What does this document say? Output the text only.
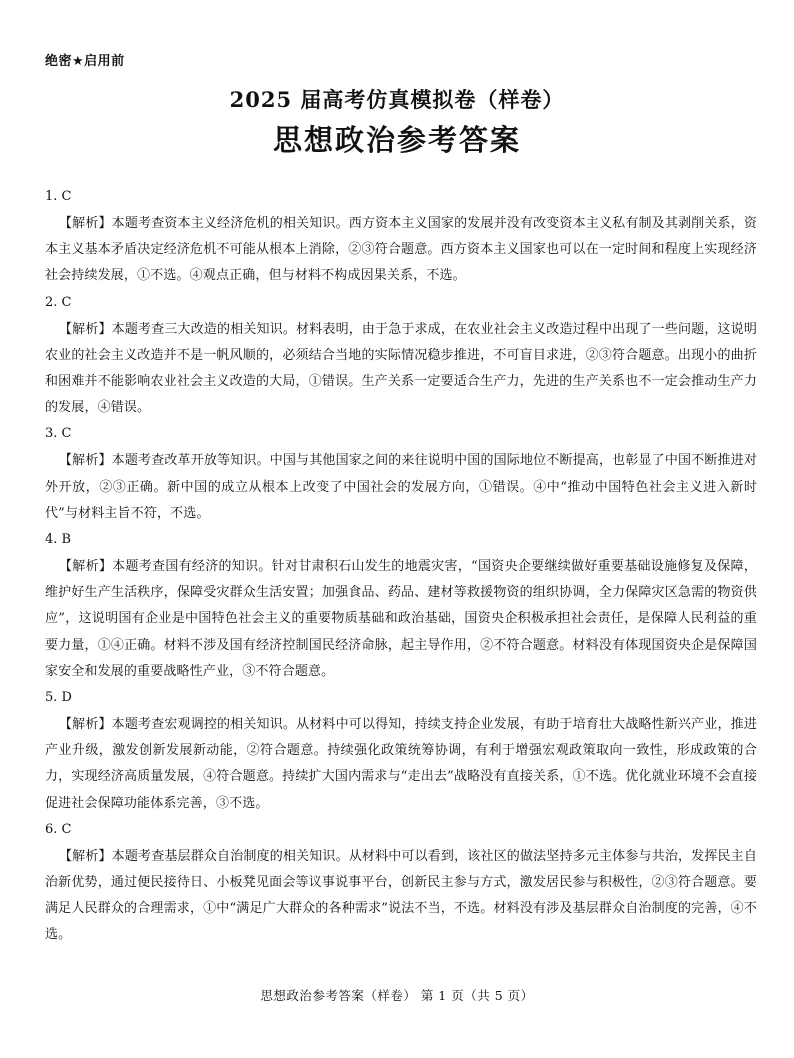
绝密★启用前
2025 届高考仿真模拟卷（样卷）
思想政治参考答案
1. C
【解析】本题考查资本主义经济危机的相关知识。西方资本主义国家的发展并没有改变资本主义私有制及其剥削关系，资本主义基本矛盾决定经济危机不可能从根本上消除，②③符合题意。西方资本主义国家也可以在一定时间和程度上实现经济社会持续发展，①不选。④观点正确，但与材料不构成因果关系，不选。
2. C
【解析】本题考查三大改造的相关知识。材料表明，由于急于求成，在农业社会主义改造过程中出现了一些问题，这说明农业的社会主义改造并不是一帆风顺的，必须结合当地的实际情况稳步推进，不可盲目求进，②③符合题意。出现小的曲折和困难并不能影响农业社会主义改造的大局，①错误。生产关系一定要适合生产力，先进的生产关系也不一定会推动生产力的发展，④错误。
3. C
【解析】本题考查改革开放等知识。中国与其他国家之间的来往说明中国的国际地位不断提高，也彰显了中国不断推进对外开放，②③正确。新中国的成立从根本上改变了中国社会的发展方向，①错误。④中“推动中国特色社会主义进入新时代”与材料主旨不符，不选。
4. B
【解析】本题考查国有经济的知识。针对甘肃积石山发生的地震灾害，“国资央企要继续做好重要基础设施修复及保障，维护好生产生活秩序，保障受灾群众生活安置；加强食品、药品、建材等救援物资的组织协调，全力保障灾区急需的物资供应”，这说明国有企业是中国特色社会主义的重要物质基础和政治基础，国资央企积极承担社会责任，是保障人民利益的重要力量，①④正确。材料不涉及国有经济控制国民经济命脉，起主导作用，②不符合题意。材料没有体现国资央企是保障国家安全和发展的重要战略性产业，③不符合题意。
5. D
【解析】本题考查宏观调控的相关知识。从材料中可以得知，持续支持企业发展，有助于培育壮大战略性新兴产业，推进产业升级，激发创新发展新动能，②符合题意。持续强化政策统筹协调，有利于增强宏观政策取向一致性，形成政策的合力，实现经济高质量发展，④符合题意。持续扩大国内需求与“走出去”战略没有直接关系，①不选。优化就业环境不会直接促进社会保障功能体系完善，③不选。
6. C
【解析】本题考查基层群众自治制度的相关知识。从材料中可以看到，该社区的做法坚持多元主体参与共治，发挥民主自治新优势，通过便民接待日、小板凳见面会等议事说事平台，创新民主参与方式，激发居民参与积极性，②③符合题意。要满足人民群众的合理需求，①中“满足广大群众的各种需求”说法不当，不选。材料没有涉及基层群众自治制度的完善，④不选。
思想政治参考答案（样卷） 第 1 页（共 5 页）
